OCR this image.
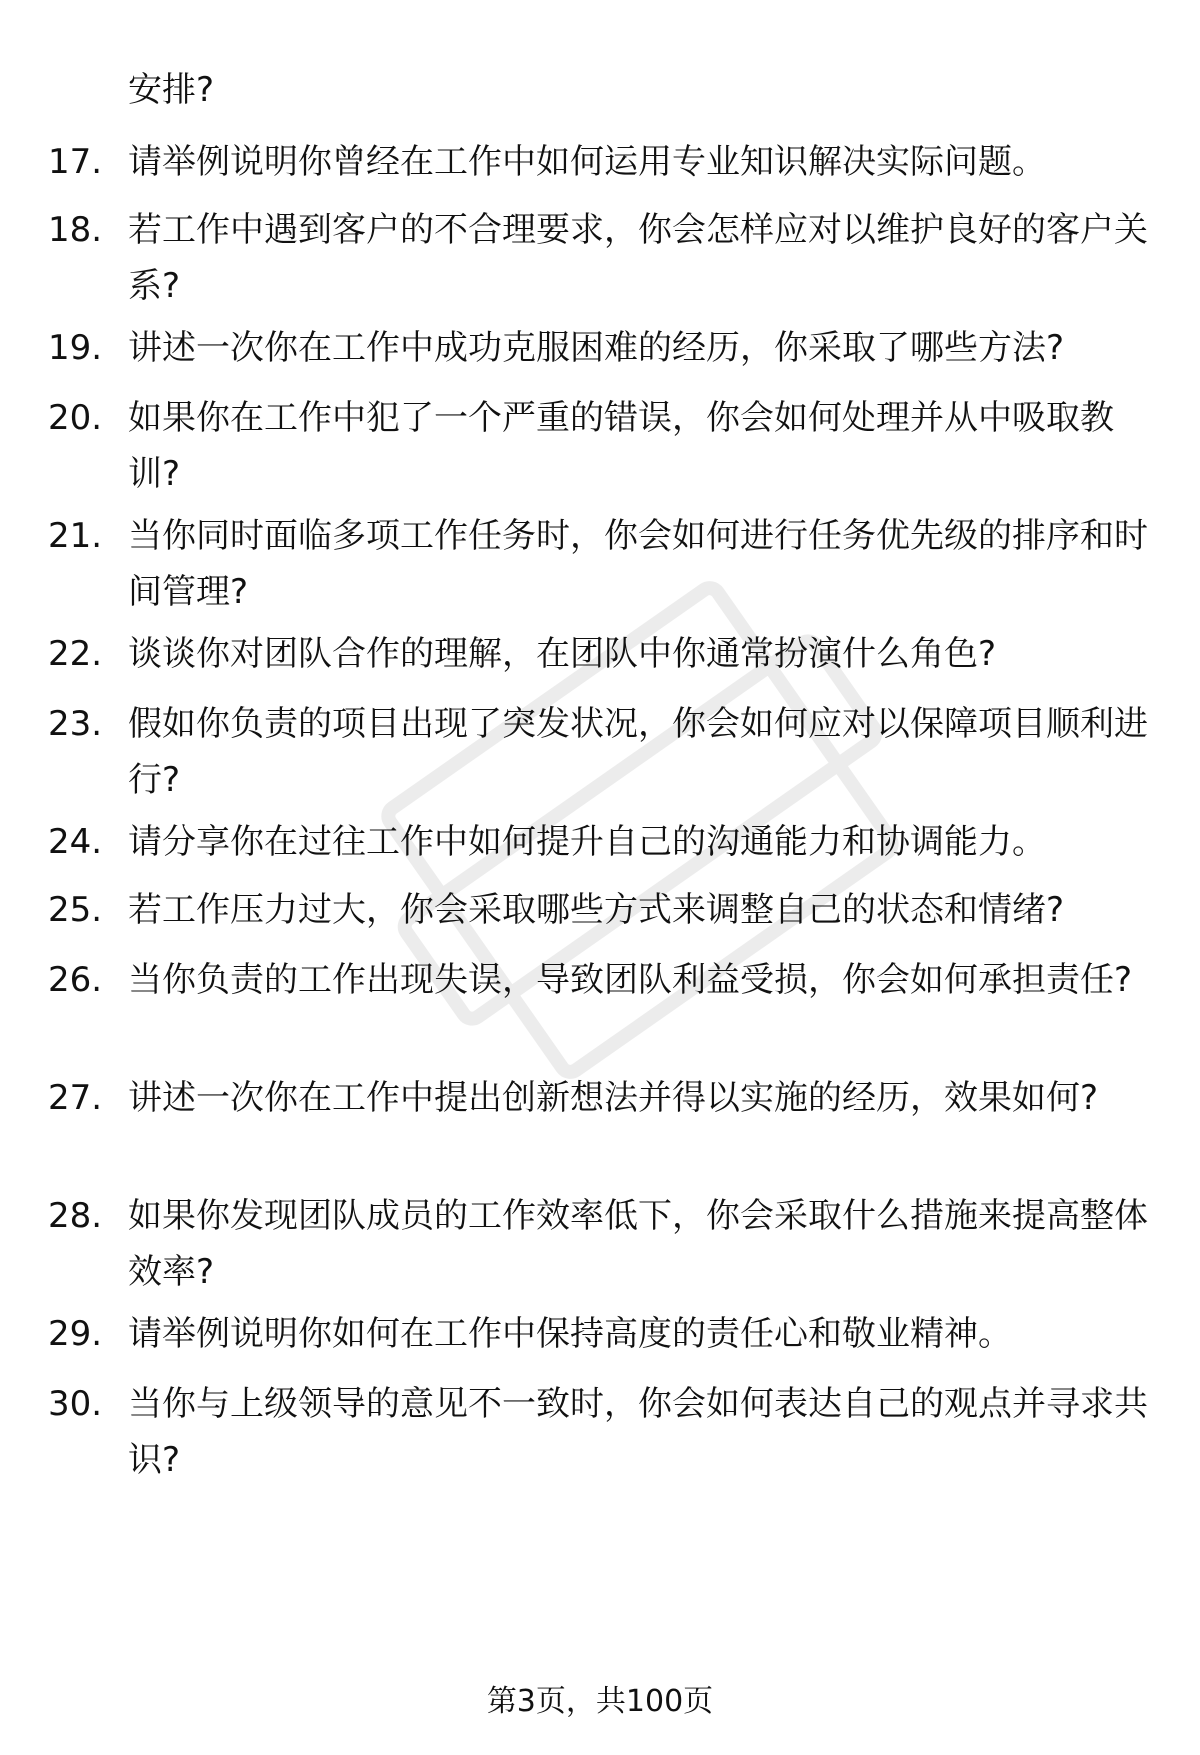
安排?
17. 请举例说明你曾经在工作中如何运用专业知识解决实际问题。
18. 若工作中遇到客户的不合理要求，你会怎样应对以维护良好的客户关系?
19. 讲述一次你在工作中成功克服困难的经历，你采取了哪些方法?
20. 如果你在工作中犯了一个严重的错误，你会如何处理并从中吸取教训?
21. 当你同时面临多项工作任务时，你会如何进行任务优先级的排序和时间管理?
22. 谈谈你对团队合作的理解，在团队中你通常扮演什么角色?
23. 假如你负责的项目出现了突发状况，你会如何应对以保障项目顺利进行?
24. 请分享你在过往工作中如何提升自己的沟通能力和协调能力。
25. 若工作压力过大，你会采取哪些方式来调整自己的状态和情绪?
26. 当你负责的工作出现失误，导致团队利益受损，你会如何承担责任?
27. 讲述一次你在工作中提出创新想法并得以实施的经历，效果如何?
28. 如果你发现团队成员的工作效率低下，你会采取什么措施来提高整体效率?
29. 请举例说明你如何在工作中保持高度的责任心和敬业精神。
30. 当你与上级领导的意见不一致时，你会如何表达自己的观点并寻求共识?
第3页，共100页
